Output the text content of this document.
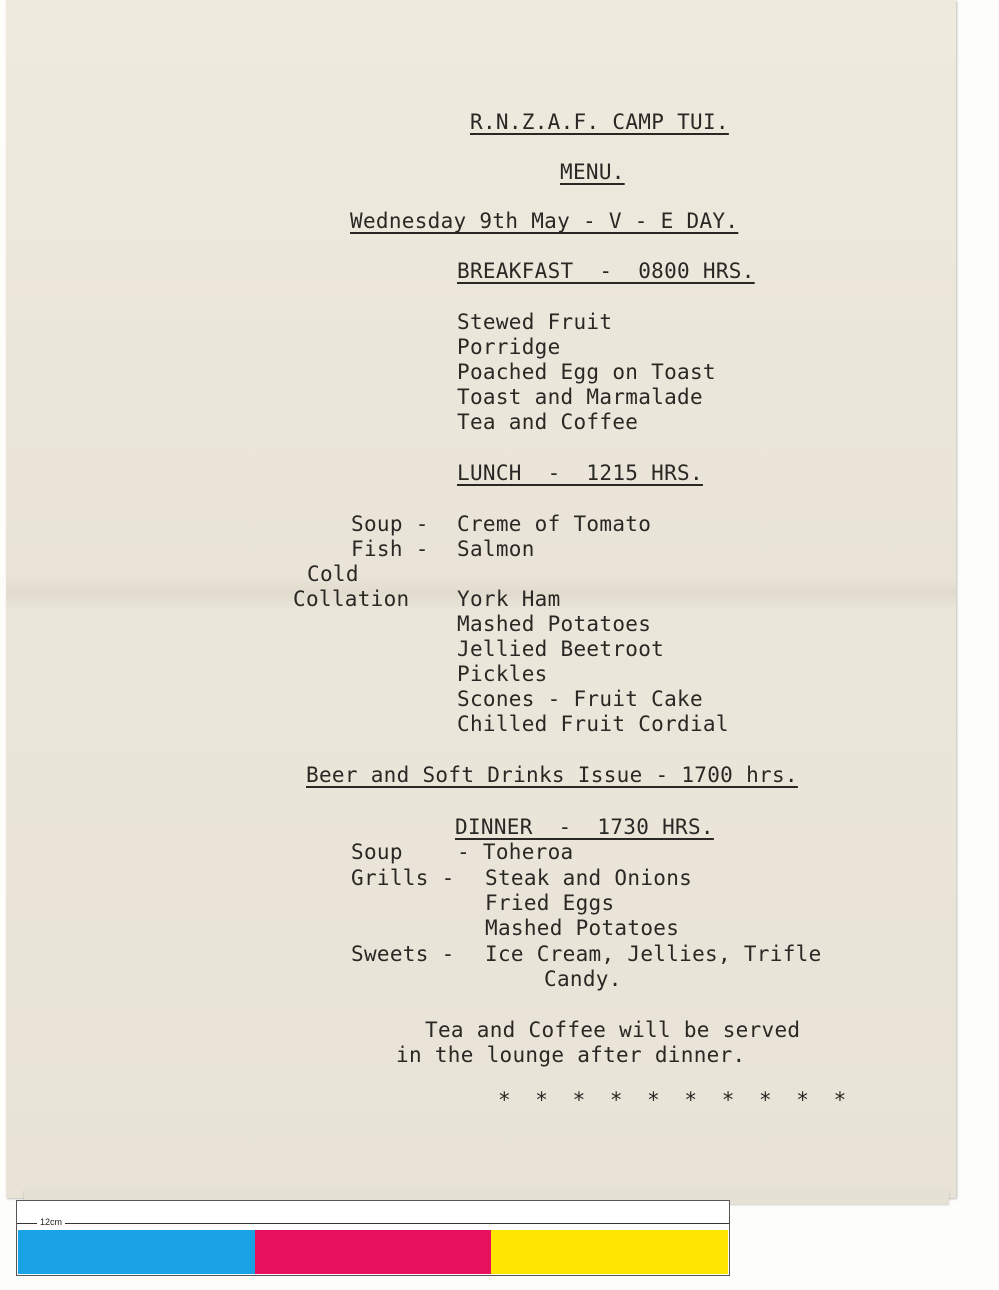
R.N.Z.A.F. CAMP TUI.
MENU.
Wednesday 9th May - V - E DAY.
BREAKFAST  -  0800 HRS.
Stewed Fruit
Porridge
Poached Egg on Toast
Toast and Marmalade
Tea and Coffee
LUNCH  -  1215 HRS.
Soup - Creme of Tomato
Fish - Salmon
Cold
Collation York Ham
Mashed Potatoes
Jellied Beetroot
Pickles
Scones - Fruit Cake
Chilled Fruit Cordial
Beer and Soft Drinks Issue - 1700 hrs.
DINNER  -  1730 HRS.
Soup	- Toheroa
Grills - Steak and Onions
Fried Eggs
Mashed Potatoes
Sweets - Ice Cream, Jellies, Trifle
Candy.
Tea and Coffee will be served
in the lounge after dinner.
* * * * * * * * * *
12cm
